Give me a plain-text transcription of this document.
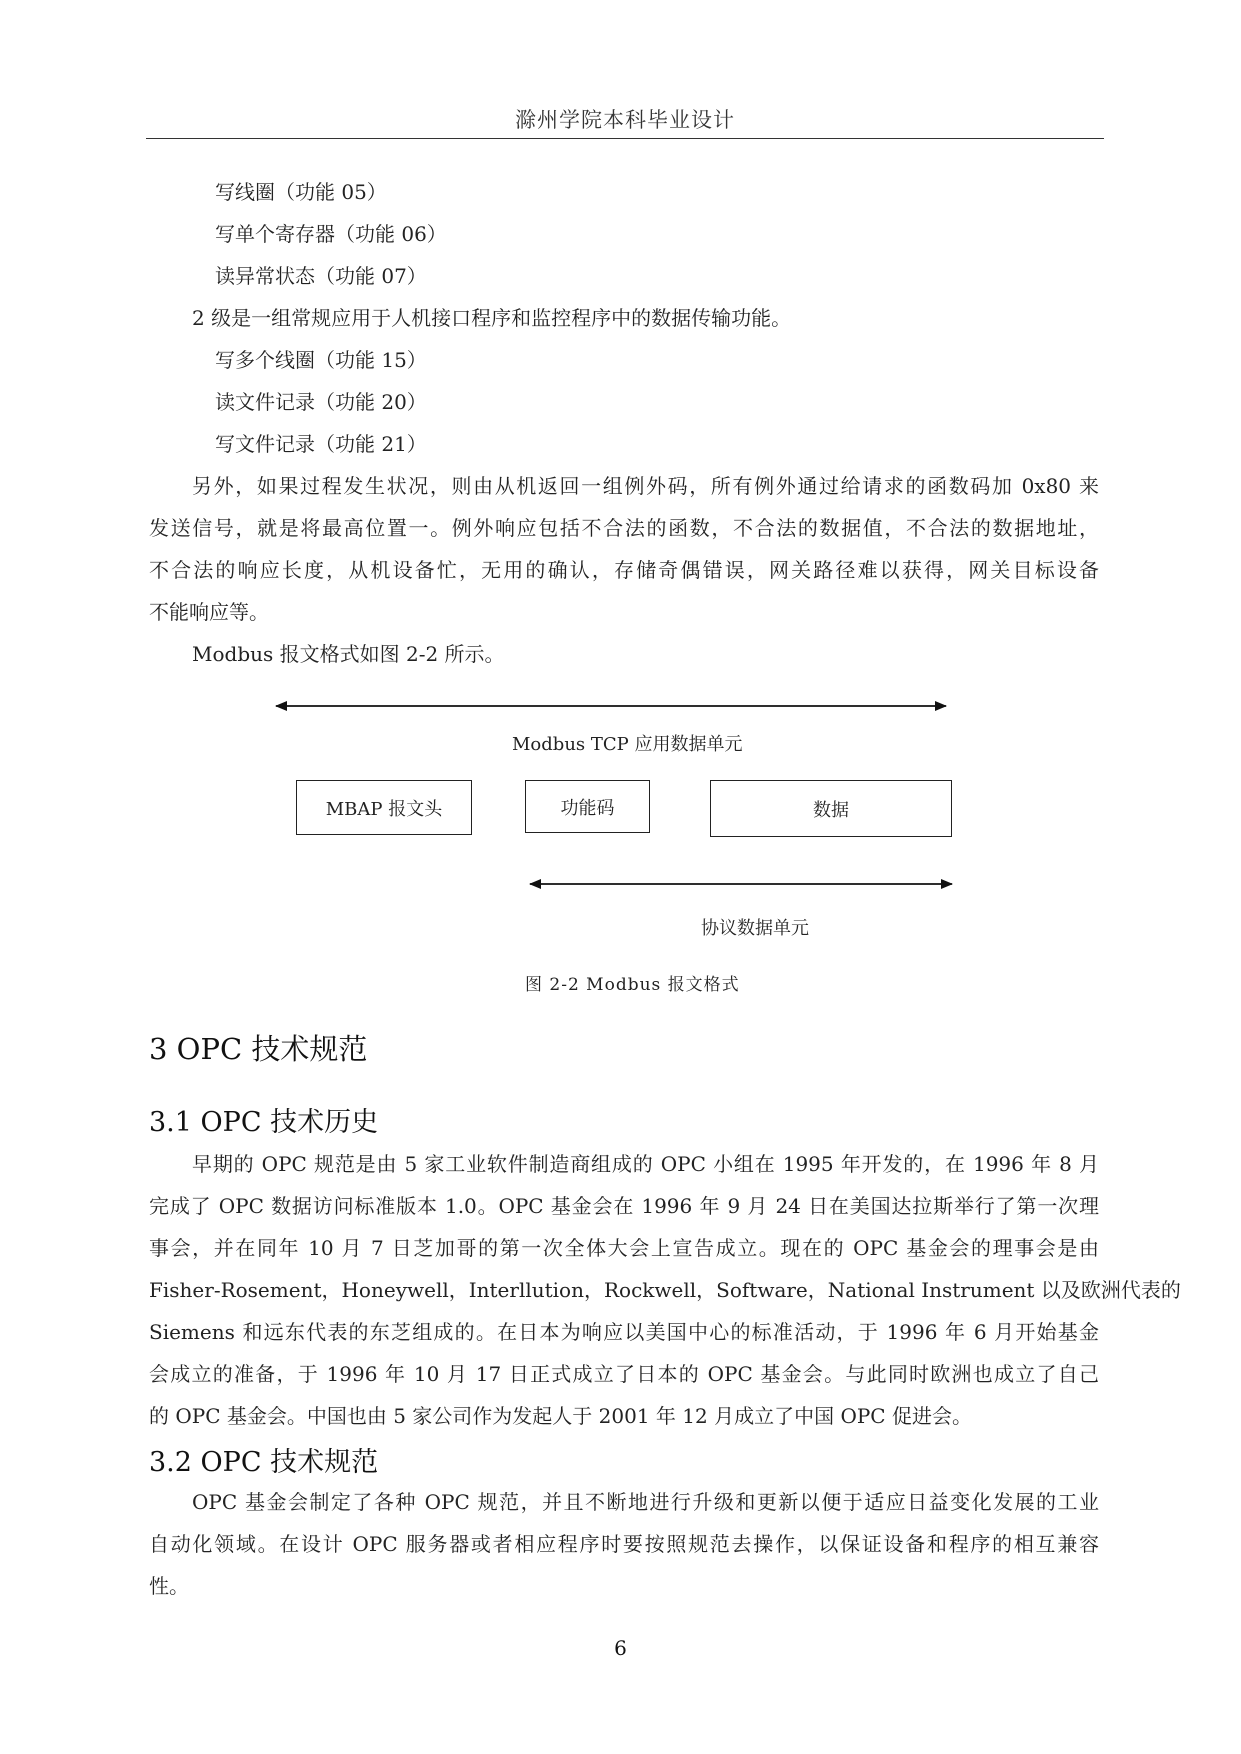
滁州学院本科毕业设计
写线圈（功能 05）
写单个寄存器（功能 06）
读异常状态（功能 07）
2 级是一组常规应用于人机接口程序和监控程序中的数据传输功能。
写多个线圈（功能 15）
读文件记录（功能 20）
写文件记录（功能 21）
另外，如果过程发生状况，则由从机返回一组例外码，所有例外通过给请求的函数码加 0x80 来
发送信号，就是将最高位置一。例外响应包括不合法的函数，不合法的数据值，不合法的数据地址，
不合法的响应长度，从机设备忙，无用的确认，存储奇偶错误，网关路径难以获得，网关目标设备
不能响应等。
Modbus 报文格式如图 2-2 所示。
Modbus TCP 应用数据单元
MBAP 报文头	功能码	数据
协议数据单元
图 2-2 Modbus 报文格式
3 OPC 技术规范
3.1 OPC 技术历史
早期的 OPC 规范是由 5 家工业软件制造商组成的 OPC 小组在 1995 年开发的，在 1996 年 8 月
完成了 OPC 数据访问标准版本 1.0。OPC 基金会在 1996 年 9 月 24 日在美国达拉斯举行了第一次理
事会，并在同年 10 月 7 日芝加哥的第一次全体大会上宣告成立。现在的 OPC 基金会的理事会是由
Fisher-Rosement，Honeywell，Interllution，Rockwell，Software，National Instrument 以及欧洲代表的
Siemens 和远东代表的东芝组成的。在日本为响应以美国中心的标准活动，于 1996 年 6 月开始基金
会成立的准备，于 1996 年 10 月 17 日正式成立了日本的 OPC 基金会。与此同时欧洲也成立了自己
的 OPC 基金会。中国也由 5 家公司作为发起人于 2001 年 12 月成立了中国 OPC 促进会。
3.2 OPC 技术规范
OPC 基金会制定了各种 OPC 规范，并且不断地进行升级和更新以便于适应日益变化发展的工业
自动化领域。在设计 OPC 服务器或者相应程序时要按照规范去操作，以保证设备和程序的相互兼容
性。
6
